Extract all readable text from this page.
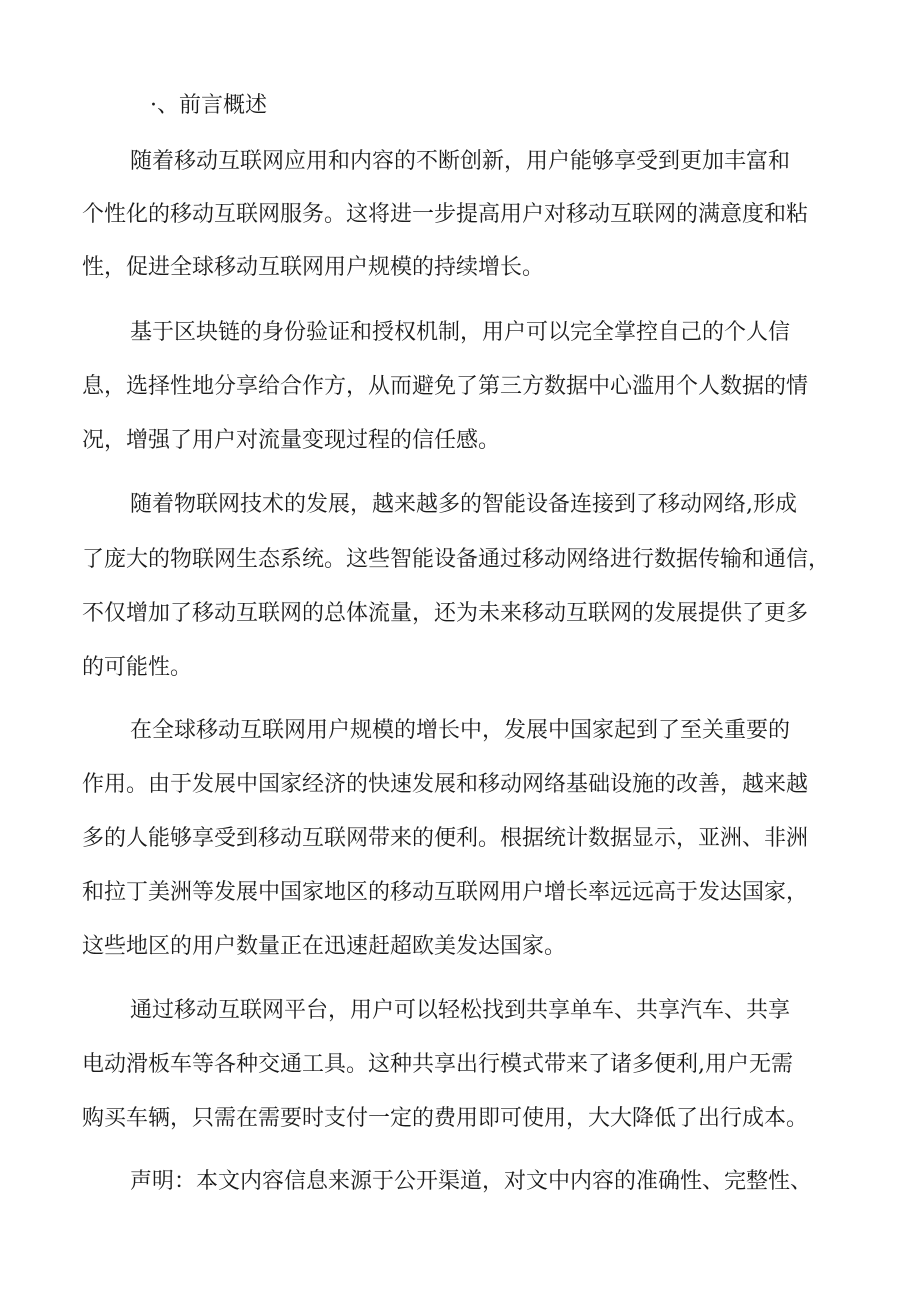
·、前言概述
随着移动互联网应用和内容的不断创新，用户能够享受到更加丰富和
个性化的移动互联网服务。这将进一步提高用户对移动互联网的满意度和粘
性，促进全球移动互联网用户规模的持续增长。
基于区块链的身份验证和授权机制，用户可以完全掌控自己的个人信
息，选择性地分享给合作方，从而避免了第三方数据中心滥用个人数据的情
况，增强了用户对流量变现过程的信任感。
随着物联网技术的发展，越来越多的智能设备连接到了移动网络,形成
了庞大的物联网生态系统。这些智能设备通过移动网络进行数据传输和通信，
不仅增加了移动互联网的总体流量，还为未来移动互联网的发展提供了更多
的可能性。
在全球移动互联网用户规模的增长中，发展中国家起到了至关重要的
作用。由于发展中国家经济的快速发展和移动网络基础设施的改善，越来越
多的人能够享受到移动互联网带来的便利。根据统计数据显示，亚洲、非洲
和拉丁美洲等发展中国家地区的移动互联网用户增长率远远高于发达国家，
这些地区的用户数量正在迅速赶超欧美发达国家。
通过移动互联网平台，用户可以轻松找到共享单车、共享汽车、共享
电动滑板车等各种交通工具。这种共享出行模式带来了诸多便利,用户无需
购买车辆，只需在需要时支付一定的费用即可使用，大大降低了出行成本。
声明：本文内容信息来源于公开渠道，对文中内容的准确性、完整性、
